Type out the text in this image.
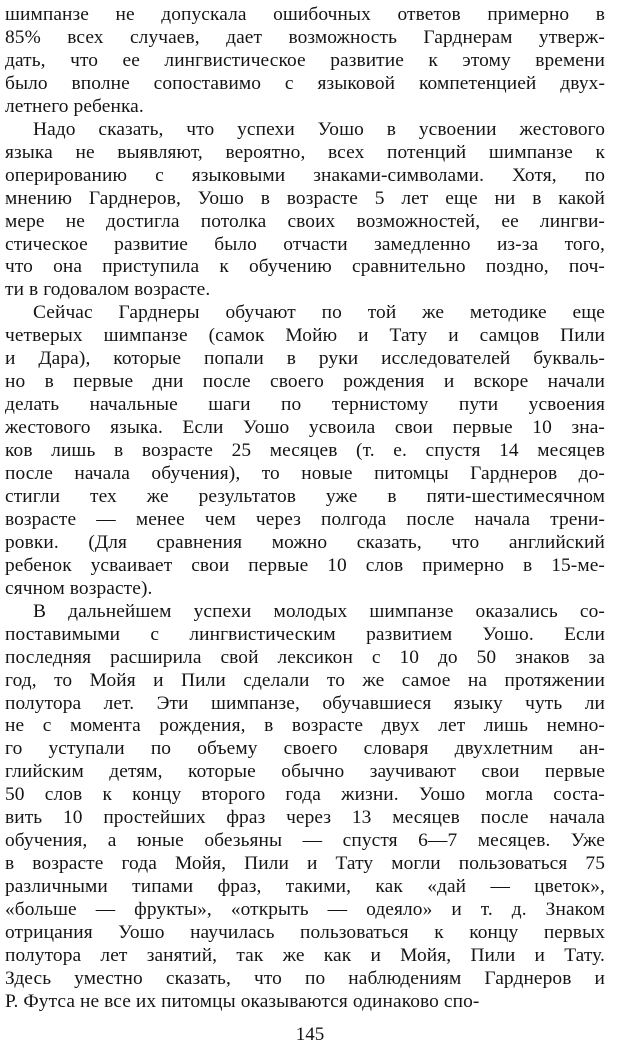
шимпанзе не допускала ошибочных ответов примерно в
85% всех случаев, дает возможность Гарднерам утверж-
дать, что ее лингвистическое развитие к этому времени
было вполне сопоставимо с языковой компетенцией двух-
летнего ребенка.
Надо сказать, что успехи Уошо в усвоении жестового
языка не выявляют, вероятно, всех потенций шимпанзе к
оперированию с языковыми знаками-символами. Хотя, по
мнению Гарднеров, Уошо в возрасте 5 лет еще ни в какой
мере не достигла потолка своих возможностей, ее лингви-
стическое развитие было отчасти замедленно из-за того,
что она приступила к обучению сравнительно поздно, поч-
ти в годовалом возрасте.
Сейчас Гарднеры обучают по той же методике еще
четверых шимпанзе (самок Мойю и Тату и самцов Пили
и Дара), которые попали в руки исследователей букваль-
но в первые дни после своего рождения и вскоре начали
делать начальные шаги по тернистому пути усвоения
жестового языка. Если Уошо усвоила свои первые 10 зна-
ков лишь в возрасте 25 месяцев (т. е. спустя 14 месяцев
после начала обучения), то новые питомцы Гарднеров до-
стигли тех же результатов уже в пяти-шестимесячном
возрасте — менее чем через полгода после начала трени-
ровки. (Для сравнения можно сказать, что английский
ребенок усваивает свои первые 10 слов примерно в 15-ме-
сячном возрасте).
В дальнейшем успехи молодых шимпанзе оказались со-
поставимыми с лингвистическим развитием Уошо. Если
последняя расширила свой лексикон с 10 до 50 знаков за
год, то Мойя и Пили сделали то же самое на протяжении
полутора лет. Эти шимпанзе, обучавшиеся языку чуть ли
не с момента рождения, в возрасте двух лет лишь немно-
го уступали по объему своего словаря двухлетним ан-
глийским детям, которые обычно заучивают свои первые
50 слов к концу второго года жизни. Уошо могла соста-
вить 10 простейших фраз через 13 месяцев после начала
обучения, а юные обезьяны — спустя 6—7 месяцев. Уже
в возрасте года Мойя, Пили и Тату могли пользоваться 75
различными типами фраз, такими, как «дай — цветок»,
«больше — фрукты», «открыть — одеяло» и т. д. Знаком
отрицания Уошо научилась пользоваться к концу первых
полутора лет занятий, так же как и Мойя, Пили и Тату.
Здесь уместно сказать, что по наблюдениям Гарднеров и
Р. Футса не все их питомцы оказываются одинаково спо-
145
